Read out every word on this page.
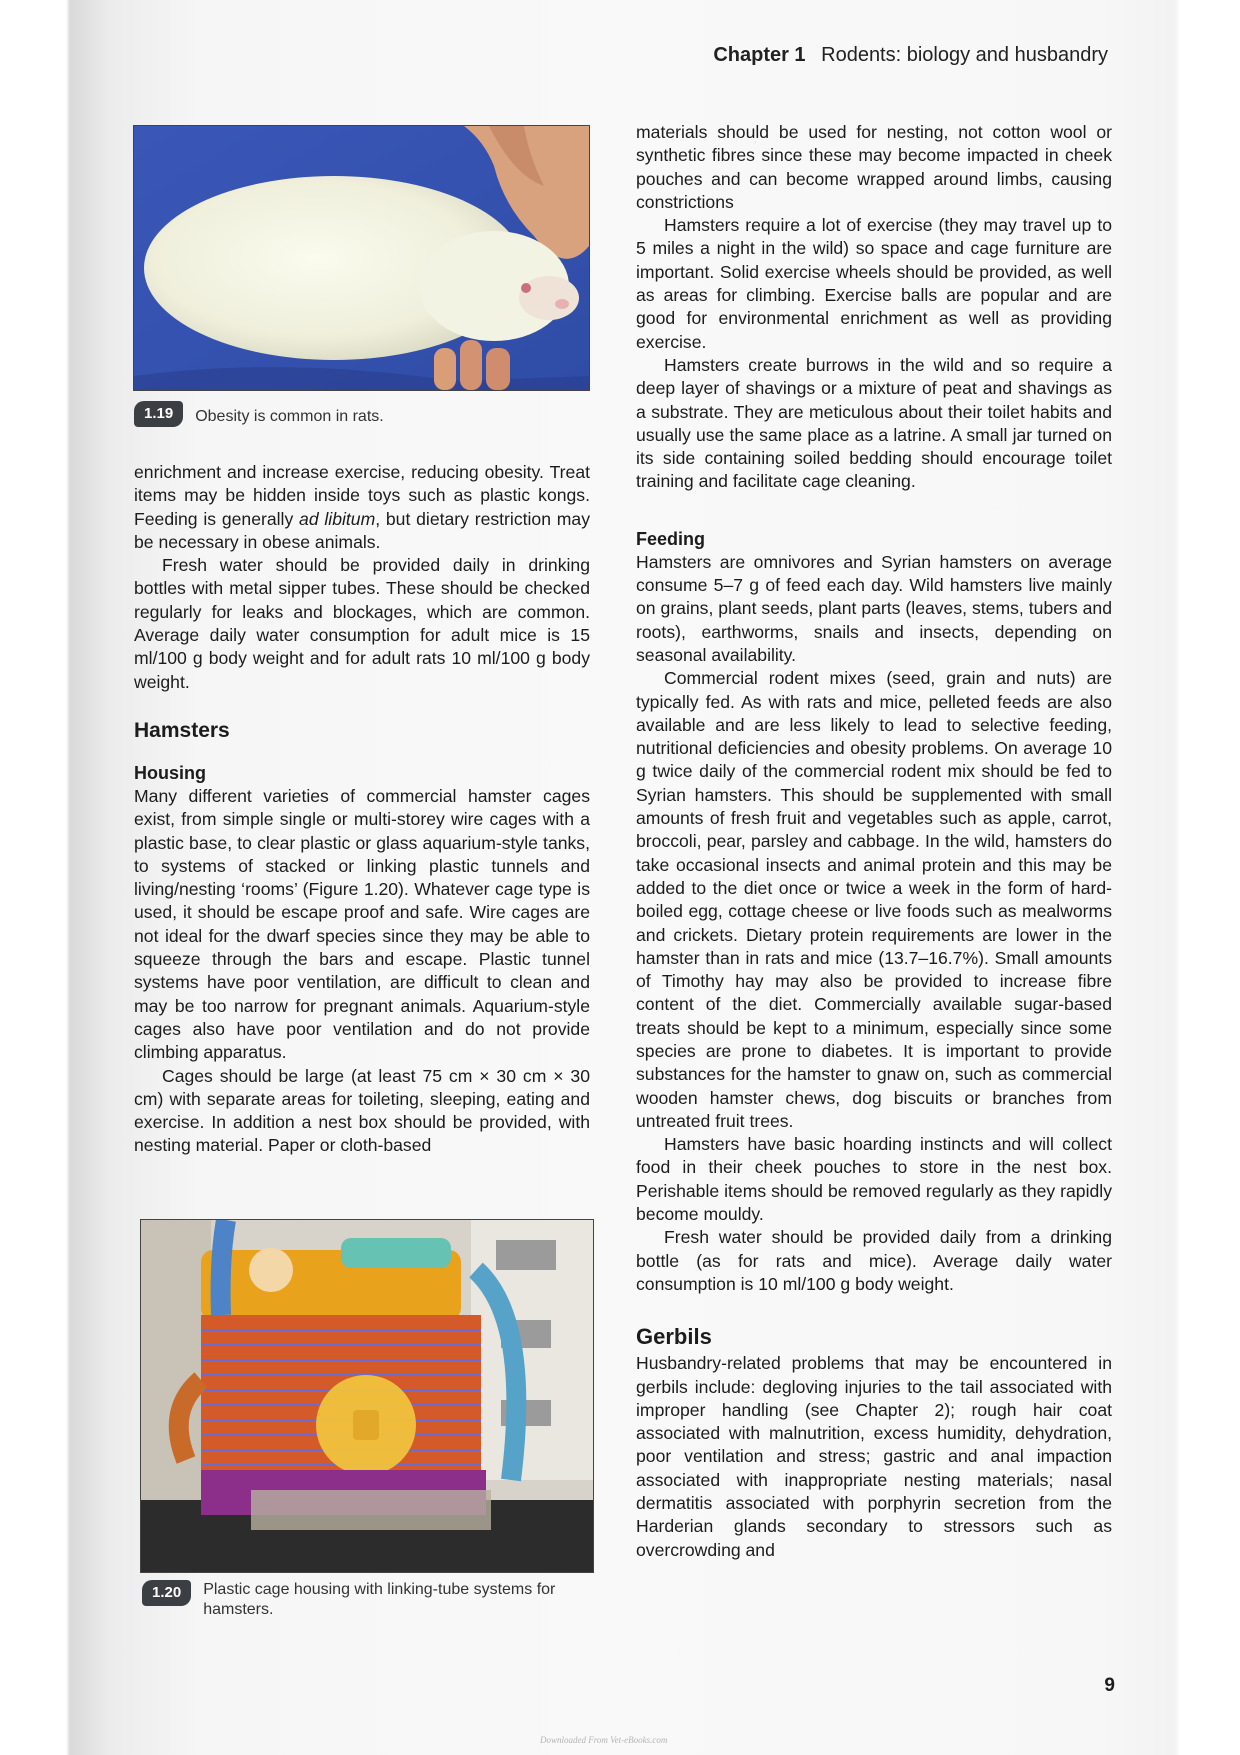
Chapter 1 Rodents: biology and husbandry
1.19	Obesity is common in rats.

enrichment and increase exercise, reducing obesity. Treat items may be hidden inside toys such as plastic kongs. Feeding is generally ad libitum, but dietary restriction may be necessary in obese animals.

Fresh water should be provided daily in drinking bottles with metal sipper tubes. These should be checked regularly for leaks and blockages, which are common. Average daily water consumption for adult mice is 15 ml/100 g body weight and for adult rats 10 ml/100 g body weight.

Hamsters
Housing

Many different varieties of commercial hamster cages exist, from simple single or multi-storey wire cages with a plastic base, to clear plastic or glass aquarium-style tanks, to systems of stacked or linking plastic tunnels and living/nesting ‘rooms’ (Figure 1.20). Whatever cage type is used, it should be escape proof and safe. Wire cages are not ideal for the dwarf species since they may be able to squeeze through the bars and escape. Plastic tunnel systems have poor ventilation, are difficult to clean and may be too narrow for pregnant animals. Aquarium-style cages also have poor ventilation and do not provide climbing apparatus.

Cages should be large (at least 75 cm × 30 cm × 30 cm) with separate areas for toileting, sleeping, eating and exercise. In addition a nest box should be provided, with nesting material. Paper or cloth-based

1.20	Plastic cage housing with linking-tube systems for hamsters.

materials should be used for nesting, not cotton wool or synthetic fibres since these may become impacted in cheek pouches and can become wrapped around limbs, causing constrictions

Hamsters require a lot of exercise (they may travel up to 5 miles a night in the wild) so space and cage furniture are important. Solid exercise wheels should be provided, as well as areas for climbing. Exercise balls are popular and are good for environmental enrichment as well as providing exercise.

Hamsters create burrows in the wild and so require a deep layer of shavings or a mixture of peat and shavings as a substrate. They are meticulous about their toilet habits and usually use the same place as a latrine. A small jar turned on its side containing soiled bedding should encourage toilet training and facilitate cage cleaning.

Feeding

Hamsters are omnivores and Syrian hamsters on average consume 5–7 g of feed each day. Wild hamsters live mainly on grains, plant seeds, plant parts (leaves, stems, tubers and roots), earthworms, snails and insects, depending on seasonal availability.

Commercial rodent mixes (seed, grain and nuts) are typically fed. As with rats and mice, pelleted feeds are also available and are less likely to lead to selective feeding, nutritional deficiencies and obesity problems. On average 10 g twice daily of the commercial rodent mix should be fed to Syrian hamsters. This should be supplemented with small amounts of fresh fruit and vegetables such as apple, carrot, broccoli, pear, parsley and cabbage. In the wild, hamsters do take occasional insects and animal protein and this may be added to the diet once or twice a week in the form of hard-boiled egg, cottage cheese or live foods such as mealworms and crickets. Dietary protein requirements are lower in the hamster than in rats and mice (13.7–16.7%). Small amounts of Timothy hay may also be provided to increase fibre content of the diet. Commercially available sugar-based treats should be kept to a minimum, especially since some species are prone to diabetes. It is important to provide substances for the hamster to gnaw on, such as commercial wooden hamster chews, dog biscuits or branches from untreated fruit trees.

Hamsters have basic hoarding instincts and will collect food in their cheek pouches to store in the nest box. Perishable items should be removed regularly as they rapidly become mouldy.

Fresh water should be provided daily from a drinking bottle (as for rats and mice). Average daily water consumption is 10 ml/100 g body weight.

Gerbils

Husbandry-related problems that may be encountered in gerbils include: degloving injuries to the tail associated with improper handling (see Chapter 2); rough hair coat associated with malnutrition, excess humidity, dehydration, poor ventilation and stress; gastric and anal impaction associated with inappropriate nesting materials; nasal dermatitis associated with porphyrin secretion from the Harderian glands secondary to stressors such as overcrowding and

9
Downloaded From Vet-eBooks.com
